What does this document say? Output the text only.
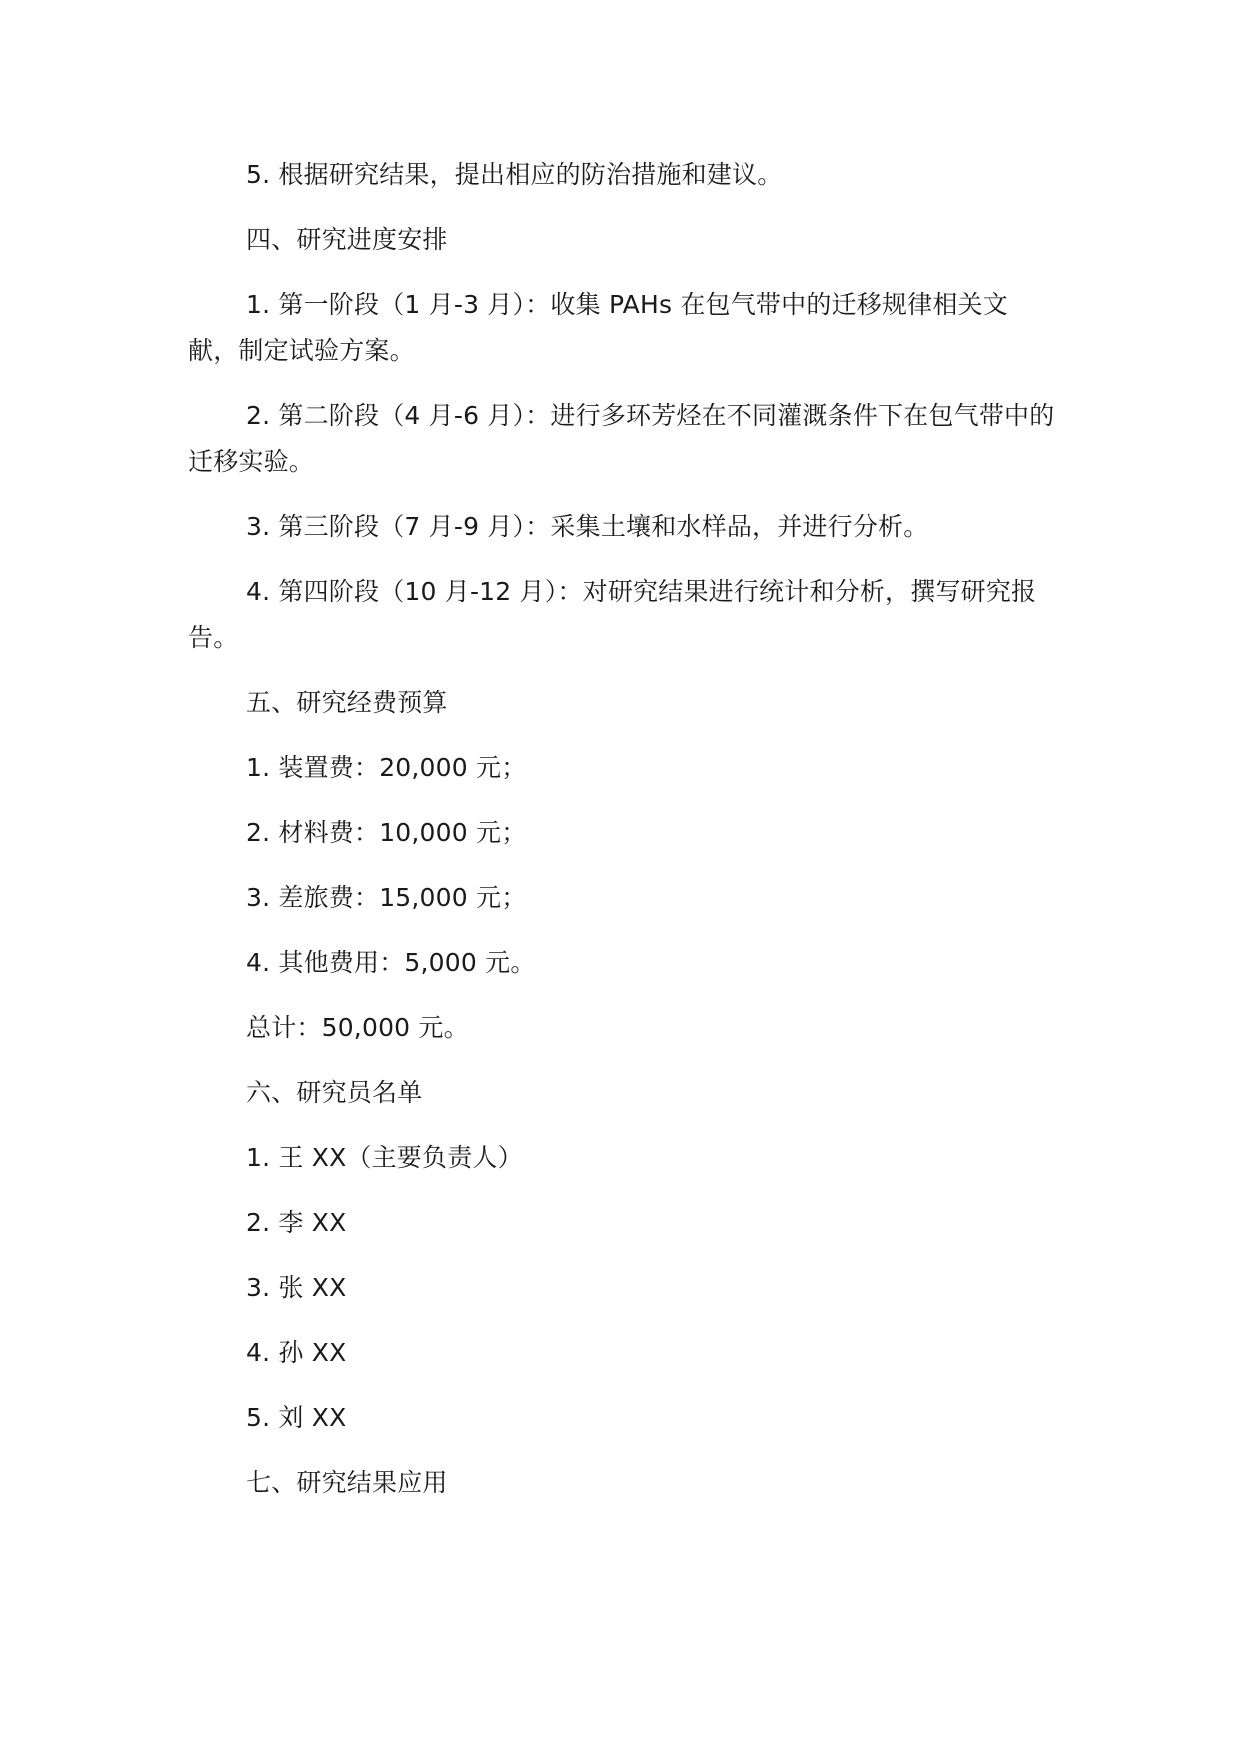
5. 根据研究结果，提出相应的防治措施和建议。

四、研究进度安排

1. 第一阶段（1 月-3 月）：收集 PAHs 在包气带中的迁移规律相关文献，制定试验方案。

2. 第二阶段（4 月-6 月）：进行多环芳烃在不同灌溉条件下在包气带中的迁移实验。

3. 第三阶段（7 月-9 月）：采集土壤和水样品，并进行分析。

4. 第四阶段（10 月-12 月）：对研究结果进行统计和分析，撰写研究报告。

五、研究经费预算

1. 装置费：20,000 元；

2. 材料费：10,000 元；

3. 差旅费：15,000 元；

4. 其他费用：5,000 元。

总计：50,000 元。

六、研究员名单

1. 王 XX（主要负责人）

2. 李 XX

3. 张 XX

4. 孙 XX

5. 刘 XX

七、研究结果应用
